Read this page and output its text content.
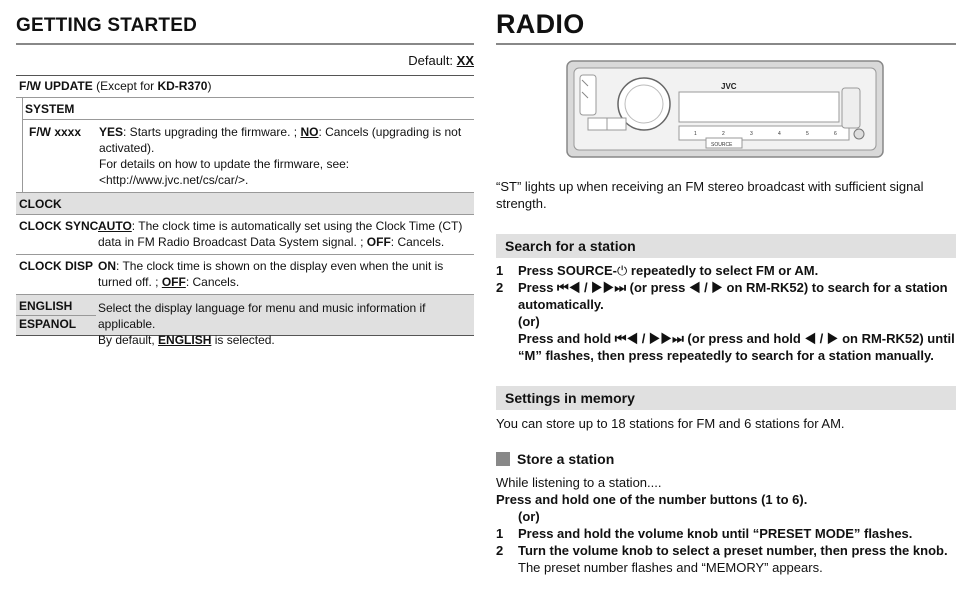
GETTING STARTED
Default: XX
F/W UPDATE (Except for KD-R370)
SYSTEM
F/W xxxx YES: Starts upgrading the firmware. ; NO: Cancels (upgrading is not activated).
For details on how to update the firmware, see:
<http://www.jvc.net/cs/car/>.
CLOCK
CLOCK SYNC AUTO: The clock time is automatically set using the Clock Time (CT) data in FM Radio Broadcast Data System signal. ; OFF: Cancels.
CLOCK DISP ON: The clock time is shown on the display even when the unit is turned off. ; OFF: Cancels.
ENGLISH
ESPANOL
Select the display language for menu and music information if applicable.
By default, ENGLISH is selected.
RADIO
JVC
1	2	3	4	5	6
SOURCE
“ST” lights up when receiving an FM stereo broadcast with sufficient signal strength.
Search for a station
1 Press SOURCE-⏻ repeatedly to select FM or AM.
2 Press ⏮◀ / ▶▶⏭ (or press ◀ / ▶ on RM-RK52) to search for a station automatically.
(or)
Press and hold ⏮◀ / ▶▶⏭ (or press and hold ◀ / ▶ on RM-RK52) until “M” flashes, then press repeatedly to search for a station manually.
Settings in memory
You can store up to 18 stations for FM and 6 stations for AM.
Store a station
While listening to a station....
Press and hold one of the number buttons (1 to 6).
(or)
1 Press and hold the volume knob until “PRESET MODE” flashes.
2 Turn the volume knob to select a preset number, then press the knob.
The preset number flashes and “MEMORY” appears.
